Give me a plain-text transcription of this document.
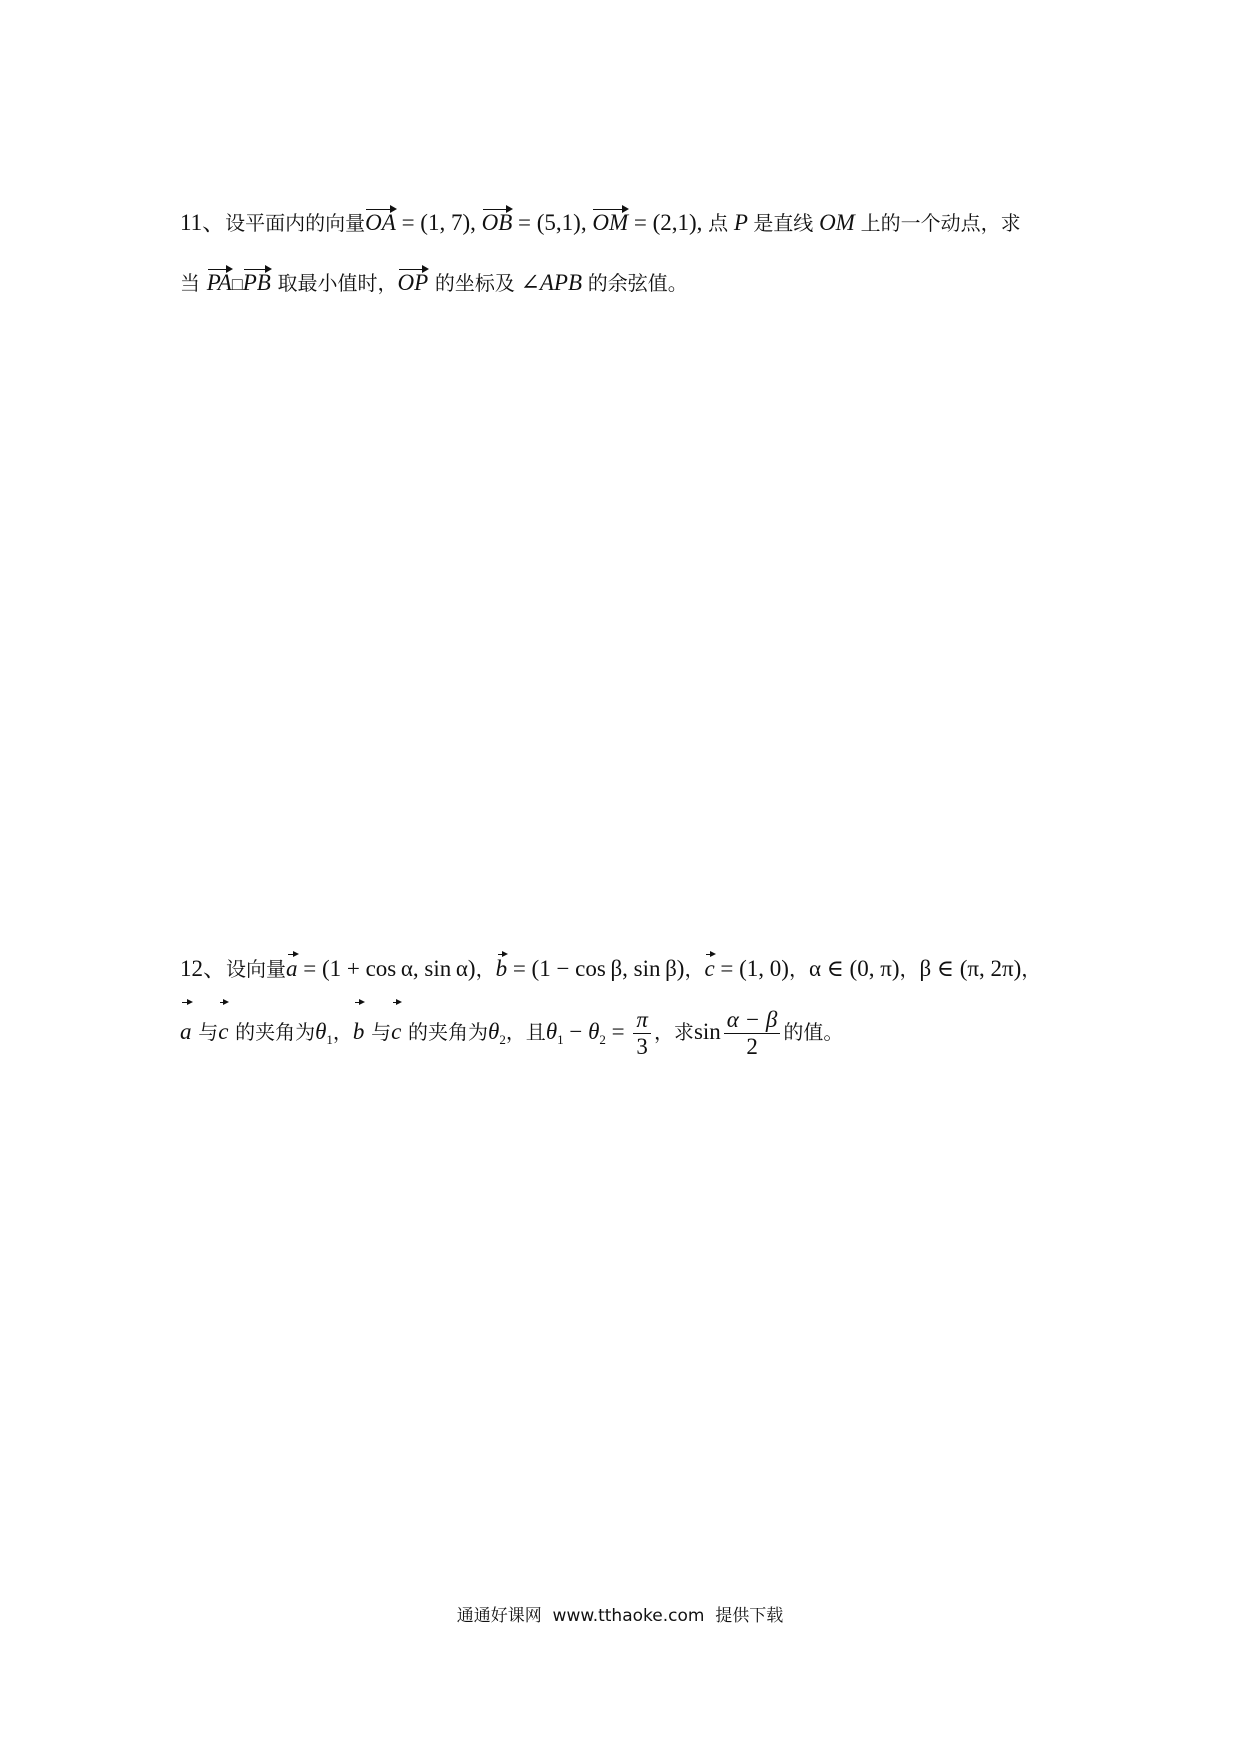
11、设平面内的向量OA = (1, 7), OB = (5,1), OM = (2,1), 点 P 是直线 OM 上的一个动点，求
当 PA□PB 取最小值时，OP 的坐标及 ∠APB 的余弦值。
12、设向量a = (1 + cos α, sin α)，b = (1 − cos β, sin β)，c = (1, 0)，α ∈ (0, π)，β ∈ (π, 2π)，
a 与c 的夹角为$\theta_1$，b 与c 的夹角为$\theta_2$，且$\theta_1 - \theta_2 = \frac{\pi}{3}$ ，求$\sin \frac{\alpha - \beta}{2}$ 的值。
通通好课网  www.tthaoke.com  提供下载
